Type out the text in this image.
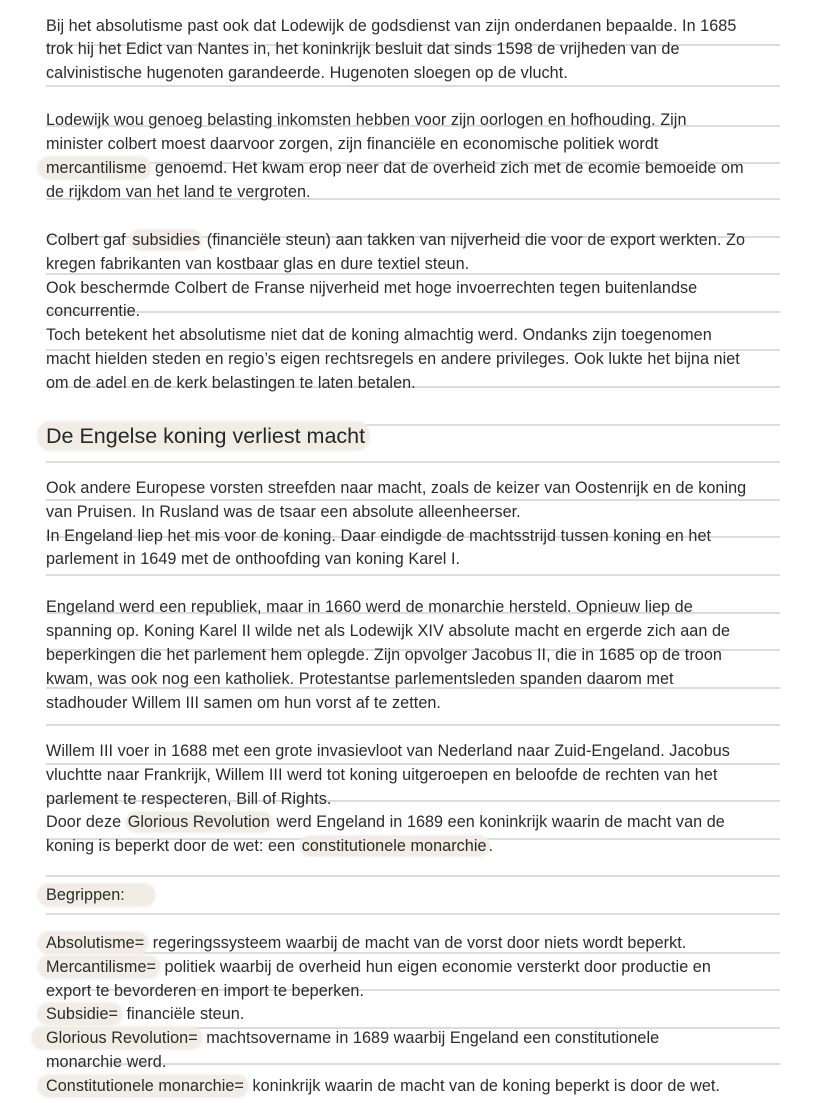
Bij het absolutisme past ook dat Lodewijk de godsdienst van zijn onderdanen bepaalde. In 1685
trok hij het Edict van Nantes in, het koninkrijk besluit dat sinds 1598 de vrijheden van de
calvinistische hugenoten garandeerde. Hugenoten sloegen op de vlucht.
Lodewijk wou genoeg belasting inkomsten hebben voor zijn oorlogen en hofhouding. Zijn
minister colbert moest daarvoor zorgen, zijn financiële en economische politiek wordt
mercantilisme genoemd. Het kwam erop neer dat de overheid zich met de ecomie bemoeide om
de rijkdom van het land te vergroten.
Colbert gaf subsidies (financiële steun) aan takken van nijverheid die voor de export werkten. Zo
kregen fabrikanten van kostbaar glas en dure textiel steun.
Ook beschermde Colbert de Franse nijverheid met hoge invoerrechten tegen buitenlandse
concurrentie.
Toch betekent het absolutisme niet dat de koning almachtig werd. Ondanks zijn toegenomen
macht hielden steden en regio’s eigen rechtsregels en andere privileges. Ook lukte het bijna niet
om de adel en de kerk belastingen te laten betalen.
De Engelse koning verliest macht
Ook andere Europese vorsten streefden naar macht, zoals de keizer van Oostenrijk en de koning
van Pruisen. In Rusland was de tsaar een absolute alleenheerser.
In Engeland liep het mis voor de koning. Daar eindigde de machtsstrijd tussen koning en het
parlement in 1649 met de onthoofding van koning Karel I.
Engeland werd een republiek, maar in 1660 werd de monarchie hersteld. Opnieuw liep de
spanning op. Koning Karel II wilde net als Lodewijk XIV absolute macht en ergerde zich aan de
beperkingen die het parlement hem oplegde. Zijn opvolger Jacobus II, die in 1685 op de troon
kwam, was ook nog een katholiek. Protestantse parlementsleden spanden daarom met
stadhouder Willem III samen om hun vorst af te zetten.
Willem III voer in 1688 met een grote invasievloot van Nederland naar Zuid-Engeland. Jacobus
vluchtte naar Frankrijk, Willem III werd tot koning uitgeroepen en beloofde de rechten van het
parlement te respecteren, Bill of Rights.
Door deze Glorious Revolution werd Engeland in 1689 een koninkrijk waarin de macht van de
koning is beperkt door de wet: een constitutionele monarchie .
Begrippen:
Absolutisme= regeringssysteem waarbij de macht van de vorst door niets wordt beperkt.
Mercantilisme= politiek waarbij de overheid hun eigen economie versterkt door productie en
export te bevorderen en import te beperken.
Subsidie= financiële steun.
Glorious Revolution= machtsovername in 1689 waarbij Engeland een constitutionele
monarchie werd.
Constitutionele monarchie= koninkrijk waarin de macht van de koning beperkt is door de wet.
